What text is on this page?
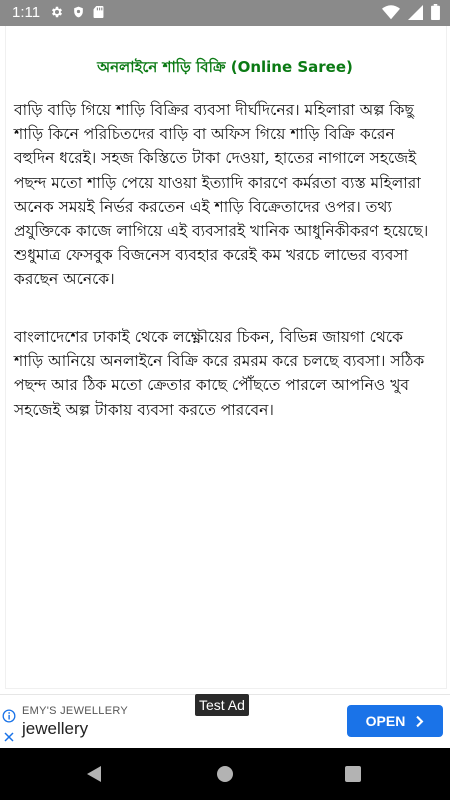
1:11
অনলাইনে শাড়ি বিক্রি (Online Saree)

বাড়ি বাড়ি গিয়ে শাড়ি বিক্রির ব্যবসা দীর্ঘদিনের। মহিলারা অল্প কিছু শাড়ি কিনে পরিচিতদের বাড়ি বা অফিস গিয়ে শাড়ি বিক্রি করেন বহুদিন ধরেই। সহজ কিস্তিতে টাকা দেওয়া, হাতের নাগালে সহজেই পছন্দ মতো শাড়ি পেয়ে যাওয়া ইত্যাদি কারণে কর্মরতা ব্যস্ত মহিলারা অনেক সময়ই নির্ভর করতেন এই শাড়ি বিক্রেতাদের ওপর। তথ্য প্রযুক্তিকে কাজে লাগিয়ে এই ব্যবসারই খানিক আধুনিকীকরণ হয়েছে। শুধুমাত্র ফেসবুক বিজনেস ব্যবহার করেই কম খরচে লাভের ব্যবসা করছেন অনেকে।

বাংলাদেশের ঢাকাই থেকে লক্ষ্ণৌয়ের চিকন, বিভিন্ন জায়গা থেকে শাড়ি আনিয়ে অনলাইনে বিক্রি করে রমরম করে চলছে ব্যবসা। সঠিক পছন্দ আর ঠিক মতো ক্রেতার কাছে পৌঁছতে পারলে আপনিও খুব সহজেই অল্প টাকায় ব্যবসা করতে পারবেন।

Test Ad
EMY'S JEWELLERY
jewellery	OPEN
